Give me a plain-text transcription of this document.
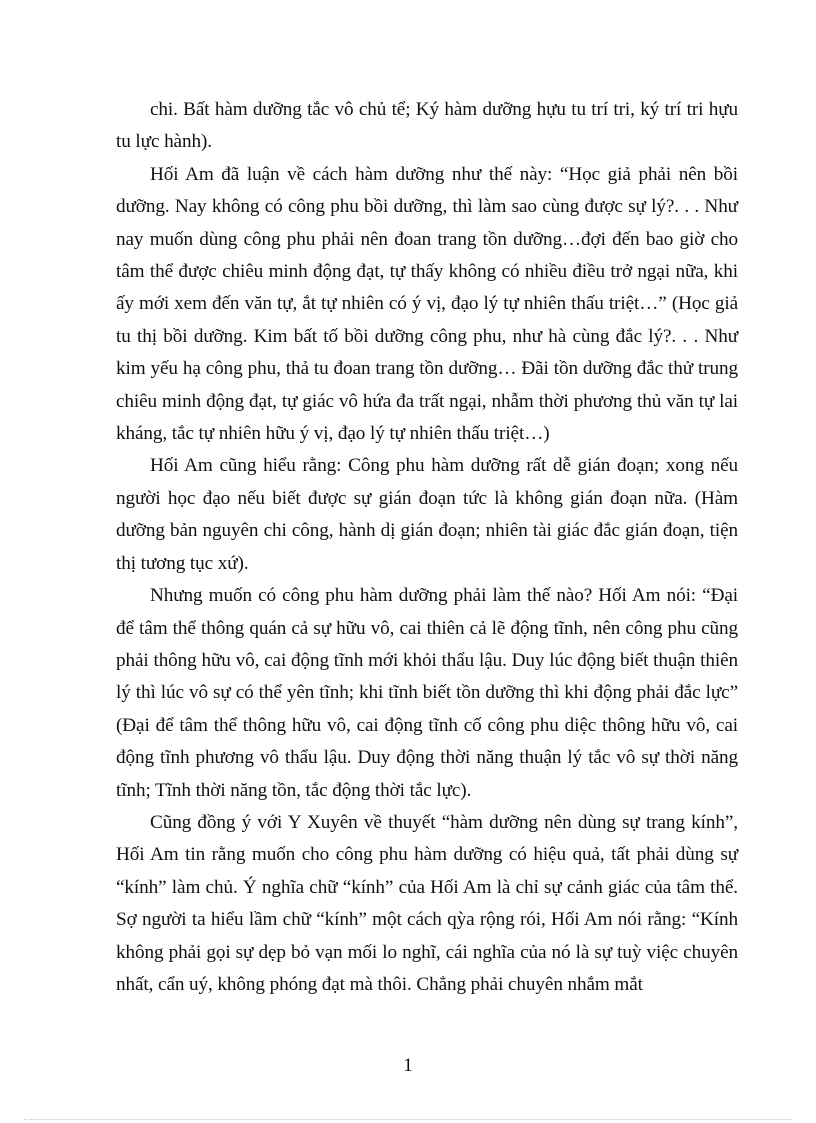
chi. Bất hàm dưỡng tắc vô chủ tể; Ký hàm dưỡng hựu tu trí tri, ký trí tri hựu tu lực hành).

Hối Am đã luận về cách hàm dưỡng như thế này: “Học giả phải nên bồi dưỡng. Nay không có công phu bồi dưỡng, thì làm sao cùng được sự lý?. . . Như nay muốn dùng công phu phải nên đoan trang tồn dưỡng…đợi đến bao giờ cho tâm thể được chiêu minh động đạt, tự thấy không có nhiều điều trở ngại nữa, khi ấy mới xem đến văn tự, ắt tự nhiên có ý vị, đạo lý tự nhiên thấu triệt…” (Học giả tu thị bồi dưỡng. Kim bất tố bồi dưỡng công phu, như hà cùng đắc lý?. . . Như kim yếu hạ công phu, thả tu đoan trang tồn dưỡng… Đãi tồn dưỡng đắc thử trung chiêu minh động đạt, tự giác vô hứa đa trất ngại, nhẫm thời phương thủ văn tự lai kháng, tắc tự nhiên hữu ý vị, đạo lý tự nhiên thấu triệt…)

Hối Am cũng hiểu rằng: Công phu hàm dưỡng rất dễ gián đoạn; xong nếu người học đạo nếu biết được sự gián đoạn tức là không gián đoạn nữa. (Hàm dưỡng bản nguyên chi công, hành dị gián đoạn; nhiên tài giác đắc gián đoạn, tiện thị tương tục xứ).

Nhưng muốn có công phu hàm dưỡng phải làm thế nào? Hối Am nói: “Đại để tâm thể thông quán cả sự hữu vô, cai thiên cả lẽ động tĩnh, nên công phu cũng phải thông hữu vô, cai động tĩnh mới khỏi thẩu lậu. Duy lúc động biết thuận thiên lý thì lúc vô sự có thể yên tĩnh; khi tĩnh biết tồn dưỡng thì khi động phải đắc lực” (Đại để tâm thể thông hữu vô, cai động tĩnh cố công phu diệc thông hữu vô, cai động tĩnh phương vô thẩu lậu. Duy động thời năng thuận lý tắc vô sự thời năng tĩnh; Tĩnh thời năng tồn, tắc động thời tắc lực).

Cũng đồng ý với Y Xuyên về thuyết “hàm dưỡng nên dùng sự trang kính”, Hối Am tin rằng muốn cho công phu hàm dưỡng có hiệu quả, tất phải dùng sự “kính” làm chủ. Ý nghĩa chữ “kính” của Hối Am là chỉ sự cảnh giác của tâm thể. Sợ người ta hiểu lầm chữ “kính” một cách qỳa rộng rói, Hối Am nói rằng: “Kính không phải gọi sự dẹp bỏ vạn mối lo nghĩ, cái nghĩa của nó là sự tuỳ việc chuyên nhất, cẩn uý, không phóng đạt mà thôi. Chẳng phải chuyên nhắm mắt

1
